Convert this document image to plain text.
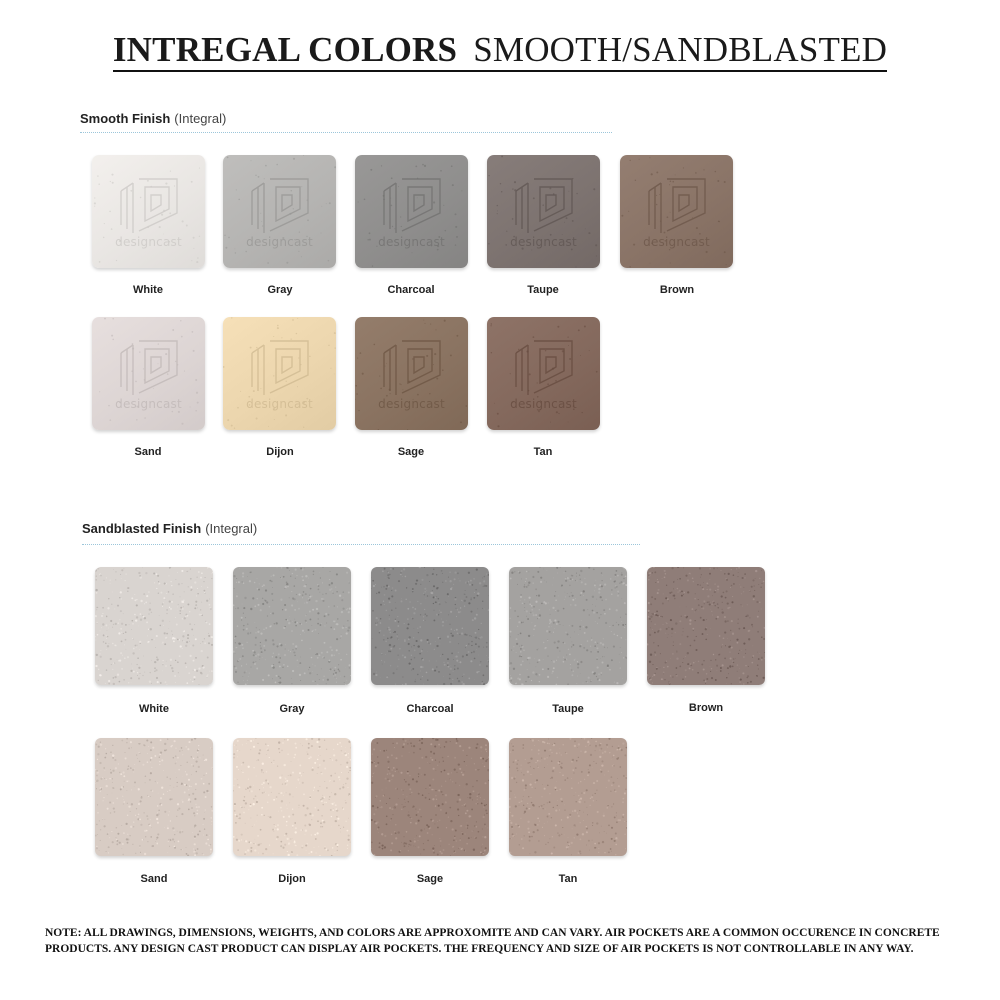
INTREGAL COLORS SMOOTH/SANDBLASTED
Smooth Finish (Integral)
designcast
White
designcast
Gray
designcast
Charcoal
designcast
Taupe
designcast
Brown
designcast
Sand
designcast
Dijon
designcast
Sage
designcast
Tan
Sandblasted Finish (Integral)
White	Gray	Charcoal	Taupe	Brown
Sand	Dijon	Sage	Tan
NOTE: ALL DRAWINGS, DIMENSIONS, WEIGHTS, AND COLORS ARE APPROXOMITE AND CAN VARY. AIR POCKETS ARE A COMMON OCCURENCE IN CONCRETE PRODUCTS. ANY DESIGN CAST PRODUCT CAN DISPLAY AIR POCKETS. THE FREQUENCY AND SIZE OF AIR POCKETS IS NOT CONTROLLABLE IN ANY WAY.
